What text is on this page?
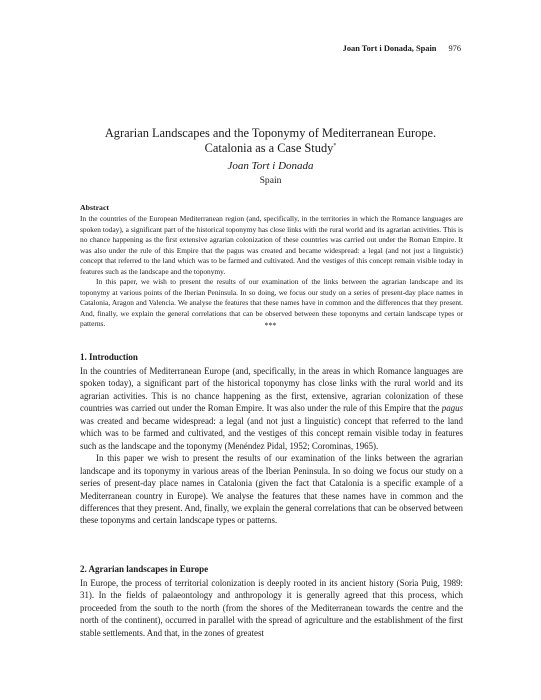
Joan Tort i Donada, Spain 976
Agrarian Landscapes and the Toponymy of Mediterranean Europe.
Catalonia as a Case Study*
Joan Tort i Donada
Spain
Abstract

In the countries of the European Mediterranean region (and, specifically, in the territories in which the Romance languages are spoken today), a significant part of the historical toponymy has close links with the rural world and its agrarian activities. This is no chance happening as the first extensive agrarian colonization of these countries was carried out under the Roman Empire. It was also under the rule of this Empire that the pagus was created and became widespread: a legal (and not just a linguistic) concept that referred to the land which was to be farmed and cultivated. And the vestiges of this concept remain visible today in features such as the landscape and the toponymy.

In this paper, we wish to present the results of our examination of the links between the agrarian landscape and its toponymy at various points of the Iberian Peninsula. In so doing, we focus our study on a series of present-day place names in Catalonia, Aragon and Valencia. We analyse the features that these names have in common and the differences that they present. And, finally, we explain the general correlations that can be observed between these toponyms and certain landscape types or patterns.	***
1. Introduction

In the countries of Mediterranean Europe (and, specifically, in the areas in which Romance languages are spoken today), a significant part of the historical toponymy has close links with the rural world and its agrarian activities. This is no chance happening as the first, extensive, agrarian colonization of these countries was carried out under the Roman Empire. It was also under the rule of this Empire that the pagus was created and became widespread: a legal (and not just a linguistic) concept that referred to the land which was to be farmed and cultivated, and the vestiges of this concept remain visible today in features such as the landscape and the toponymy (Menéndez Pidal, 1952; Corominas, 1965).

In this paper we wish to present the results of our examination of the links between the agrarian landscape and its toponymy in various areas of the Iberian Peninsula. In so doing we focus our study on a series of present-day place names in Catalonia (given the fact that Catalonia is a specific example of a Mediterranean country in Europe). We analyse the features that these names have in common and the differences that they present. And, finally, we explain the general correlations that can be observed between these toponyms and certain landscape types or patterns.

2. Agrarian landscapes in Europe

In Europe, the process of territorial colonization is deeply rooted in its ancient history (Soria Puig, 1989: 31). In the fields of palaeontology and anthropology it is generally agreed that this process, which proceeded from the south to the north (from the shores of the Mediterranean towards the centre and the north of the continent), occurred in parallel with the spread of agriculture and the establishment of the first stable settlements. And that, in the zones of greatest
